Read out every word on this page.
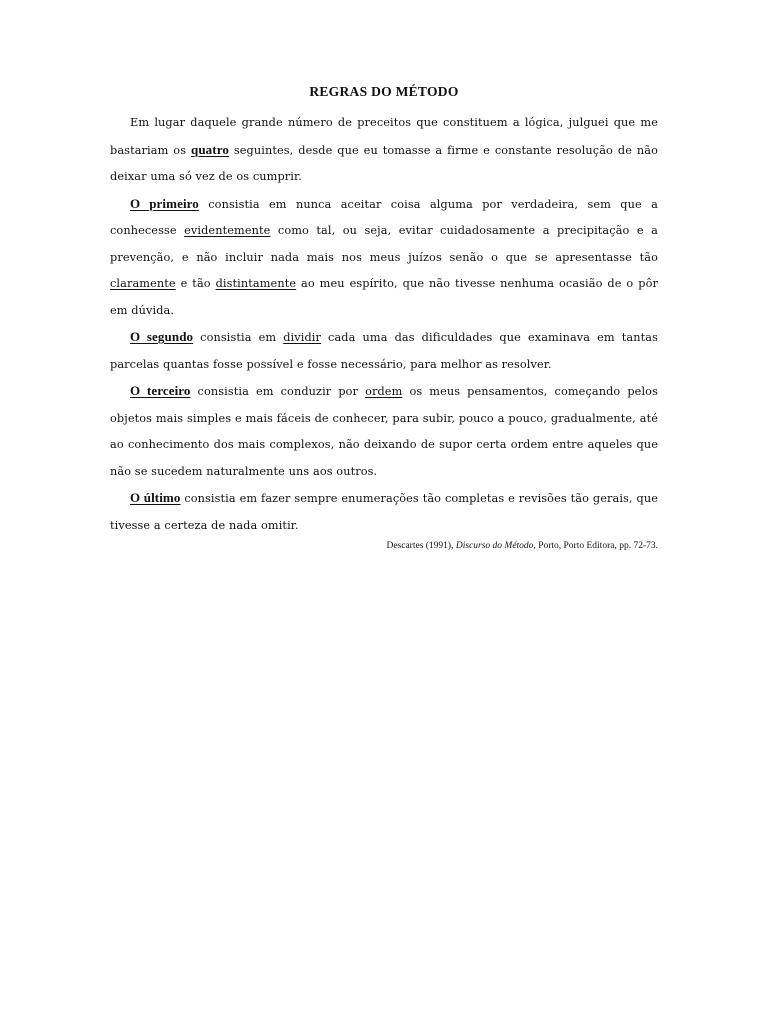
REGRAS DO MÉTODO

Em lugar daquele grande número de preceitos que constituem a lógica, julguei que me bastariam os quatro seguintes, desde que eu tomasse a firme e constante resolução de não deixar uma só vez de os cumprir.

O primeiro consistia em nunca aceitar coisa alguma por verdadeira, sem que a conhecesse evidentemente como tal, ou seja, evitar cuidadosamente a precipitação e a prevenção, e não incluir nada mais nos meus juízos senão o que se apresentasse tão claramente e tão distintamente ao meu espírito, que não tivesse nenhuma ocasião de o pôr em dúvida.

O segundo consistia em dividir cada uma das dificuldades que examinava em tantas parcelas quantas fosse possível e fosse necessário, para melhor as resolver.

O terceiro consistia em conduzir por ordem os meus pensamentos, começando pelos objetos mais simples e mais fáceis de conhecer, para subir, pouco a pouco, gradualmente, até ao conhecimento dos mais complexos, não deixando de supor certa ordem entre aqueles que não se sucedem naturalmente uns aos outros.

O último consistia em fazer sempre enumerações tão completas e revisões tão gerais, que tivesse a certeza de nada omitir.

Descartes (1991), Discurso do Método, Porto, Porto Editora, pp. 72-73.
